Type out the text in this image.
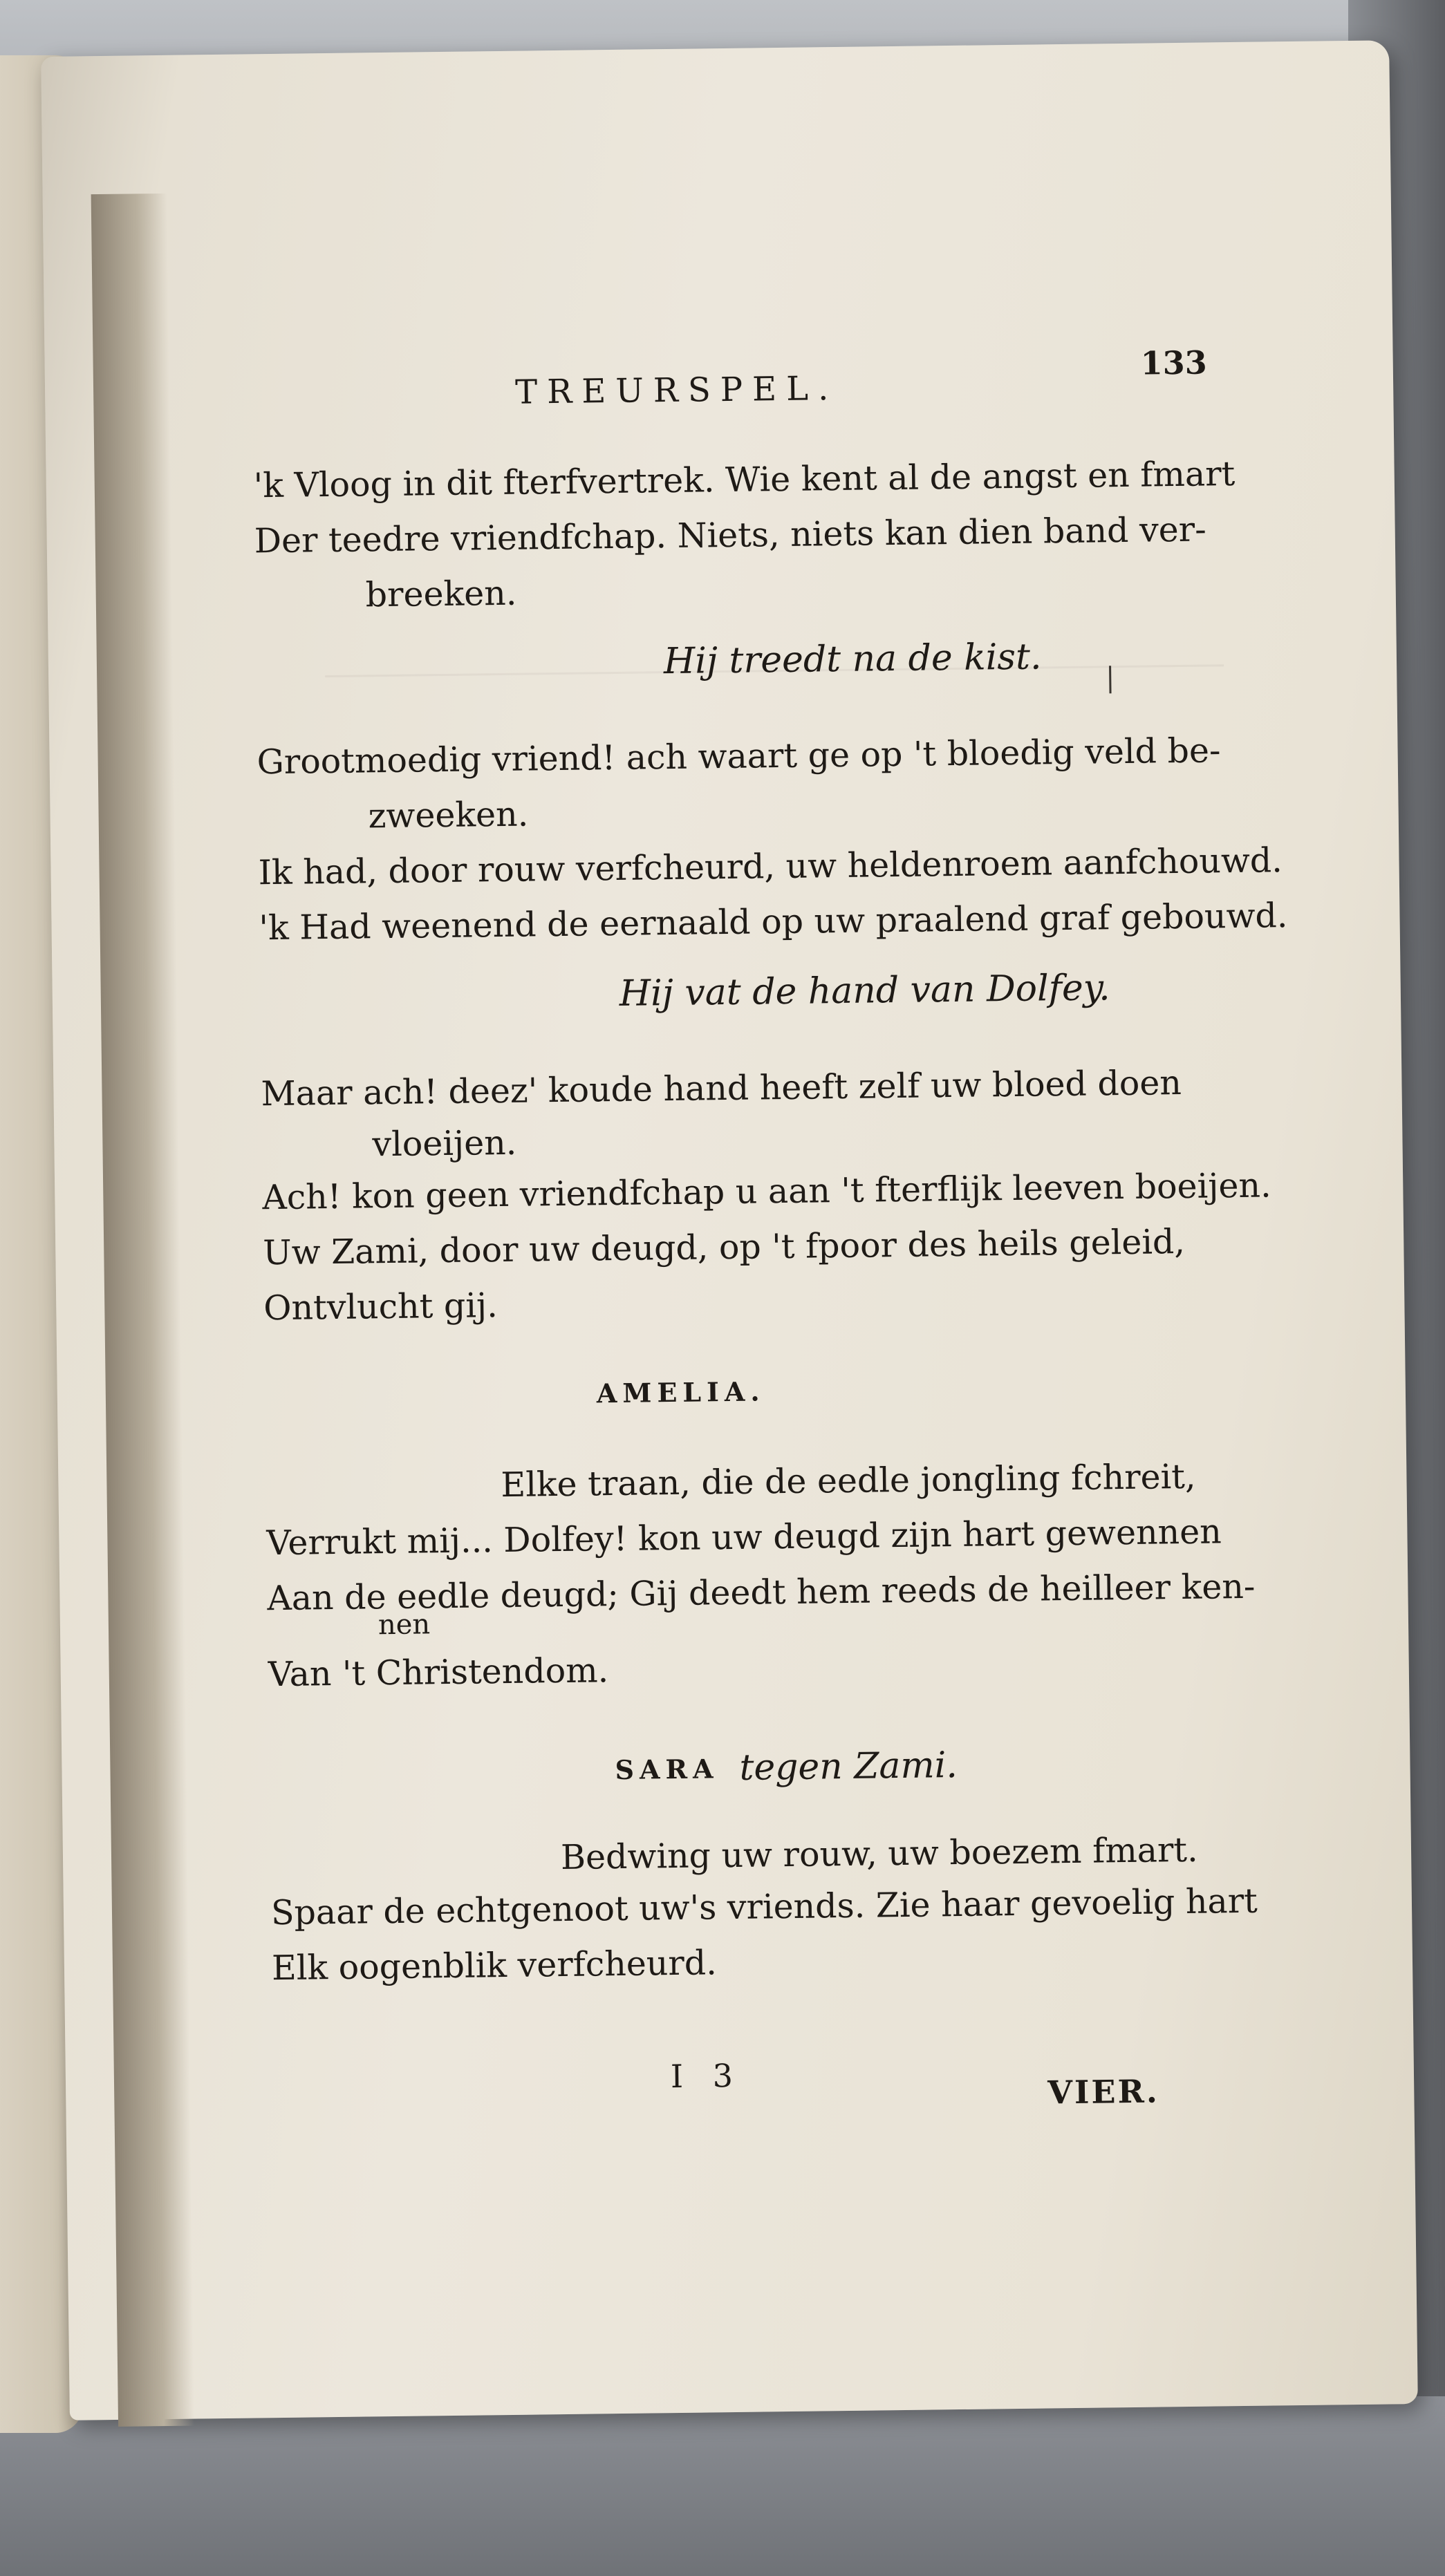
TREURSPEL.
133
'k Vloog in dit fterfvertrek. Wie kent al de angst en fmart
Der teedre vriendfchap. Niets, niets kan dien band ver-
breeken.
Hij treedt na de kist.
Grootmoedig vriend! ach waart ge op 't bloedig veld be-
zweeken.
Ik had, door rouw verfcheurd, uw heldenroem aanfchouwd.
'k Had weenend de eernaald op uw praalend graf gebouwd.
Hij vat de hand van Dolfey.
Maar ach! deez' koude hand heeft zelf uw bloed doen
vloeijen.
Ach! kon geen vriendfchap u aan 't fterflijk leeven boeijen.
Uw Zami, door uw deugd, op 't fpoor des heils geleid,
Ontvlucht gij.
AMELIA.
Elke traan, die de eedle jongling fchreit,
Verrukt mij... Dolfey! kon uw deugd zijn hart gewennen
Aan de eedle deugd; Gij deedt hem reeds de heilleer ken-
nen
Van 't Christendom.
SARA tegen Zami.
Bedwing uw rouw, uw boezem fmart.
Spaar de echtgenoot uw's vriends. Zie haar gevoelig hart
Elk oogenblik verfcheurd.
I 3	VIER.
